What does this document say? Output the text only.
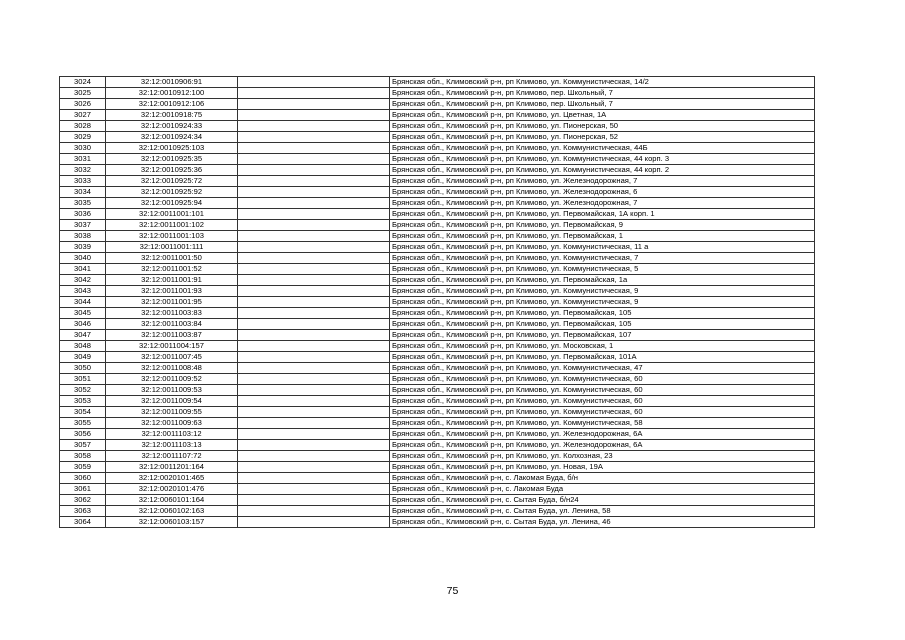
3024	32:12:0010906:91		Брянская обл., Климовский р-н, рп Климово, ул. Коммунистическая, 14/2
3025	32:12:0010912:100		Брянская обл., Климовский р-н, рп Климово, пер. Школьный, 7
3026	32:12:0010912:106		Брянская обл., Климовский р-н, рп Климово, пер. Школьный, 7
3027	32:12:0010918:75		Брянская обл., Климовский р-н, рп Климово, ул. Цветная, 1А
3028	32:12:0010924:33		Брянская обл., Климовский р-н, рп Климово, ул. Пионерская, 50
3029	32:12:0010924:34		Брянская обл., Климовский р-н, рп Климово, ул. Пионерская, 52
3030	32:12:0010925:103		Брянская обл., Климовский р-н, рп Климово, ул. Коммунистическая, 44Б
3031	32:12:0010925:35		Брянская обл., Климовский р-н, рп Климово, ул. Коммунистическая, 44 корп. 3
3032	32:12:0010925:36		Брянская обл., Климовский р-н, рп Климово, ул. Коммунистическая, 44 корп. 2
3033	32:12:0010925:72		Брянская обл., Климовский р-н, рп Климово, ул. Железнодорожная, 7
3034	32:12:0010925:92		Брянская обл., Климовский р-н, рп Климово, ул. Железнодорожная, 6
3035	32:12:0010925:94		Брянская обл., Климовский р-н, рп Климово, ул. Железнодорожная, 7
3036	32:12:0011001:101		Брянская обл., Климовский р-н, рп Климово, ул. Первомайская, 1А корп. 1
3037	32:12:0011001:102		Брянская обл., Климовский р-н, рп Климово, ул. Первомайская, 9
3038	32:12:0011001:103		Брянская обл., Климовский р-н, рп Климово, ул. Первомайская, 1
3039	32:12:0011001:111		Брянская обл., Климовский р-н, рп Климово, ул. Коммунистическая, 11 а
3040	32:12:0011001:50		Брянская обл., Климовский р-н, рп Климово, ул. Коммунистическая, 7
3041	32:12:0011001:52		Брянская обл., Климовский р-н, рп Климово, ул. Коммунистическая, 5
3042	32:12:0011001:91		Брянская обл., Климовский р-н, рп Климово, ул. Первомайская, 1а
3043	32:12:0011001:93		Брянская обл., Климовский р-н, рп Климово, ул. Коммунистическая, 9
3044	32:12:0011001:95		Брянская обл., Климовский р-н, рп Климово, ул. Коммунистическая, 9
3045	32:12:0011003:83		Брянская обл., Климовский р-н, рп Климово, ул. Первомайская, 105
3046	32:12:0011003:84		Брянская обл., Климовский р-н, рп Климово, ул. Первомайская, 105
3047	32:12:0011003:87		Брянская обл., Климовский р-н, рп Климово, ул. Первомайская, 107
3048	32:12:0011004:157		Брянская обл., Климовский р-н, рп Климово, ул. Московская, 1
3049	32:12:0011007:45		Брянская обл., Климовский р-н, рп Климово, ул. Первомайская, 101А
3050	32:12:0011008:48		Брянская обл., Климовский р-н, рп Климово, ул. Коммунистическая, 47
3051	32:12:0011009:52		Брянская обл., Климовский р-н, рп Климово, ул. Коммунистическая, 60
3052	32:12:0011009:53		Брянская обл., Климовский р-н, рп Климово, ул. Коммунистическая, 60
3053	32:12:0011009:54		Брянская обл., Климовский р-н, рп Климово, ул. Коммунистическая, 60
3054	32:12:0011009:55		Брянская обл., Климовский р-н, рп Климово, ул. Коммунистическая, 60
3055	32:12:0011009:63		Брянская обл., Климовский р-н, рп Климово, ул. Коммунистическая, 58
3056	32:12:0011103:12		Брянская обл., Климовский р-н, рп Климово, ул. Железнодорожная, 6А
3057	32:12:0011103:13		Брянская обл., Климовский р-н, рп Климово, ул. Железнодорожная, 6А
3058	32:12:0011107:72		Брянская обл., Климовский р-н, рп Климово, ул. Колхозная, 23
3059	32:12:0011201:164		Брянская обл., Климовский р-н, рп Климово, ул. Новая, 19А
3060	32:12:0020101:465		Брянская обл., Климовский р-н, с. Лакомая Буда, б/н
3061	32:12:0020101:476		Брянская обл., Климовский р-н, с. Лакомая Буда
3062	32:12:0060101:164		Брянская обл., Климовский р-н, с. Сытая Буда, б/н24
3063	32:12:0060102:163		Брянская обл., Климовский р-н, с. Сытая Буда, ул. Ленина, 58
3064	32:12:0060103:157		Брянская обл., Климовский р-н, с. Сытая Буда, ул. Ленина, 46
75
